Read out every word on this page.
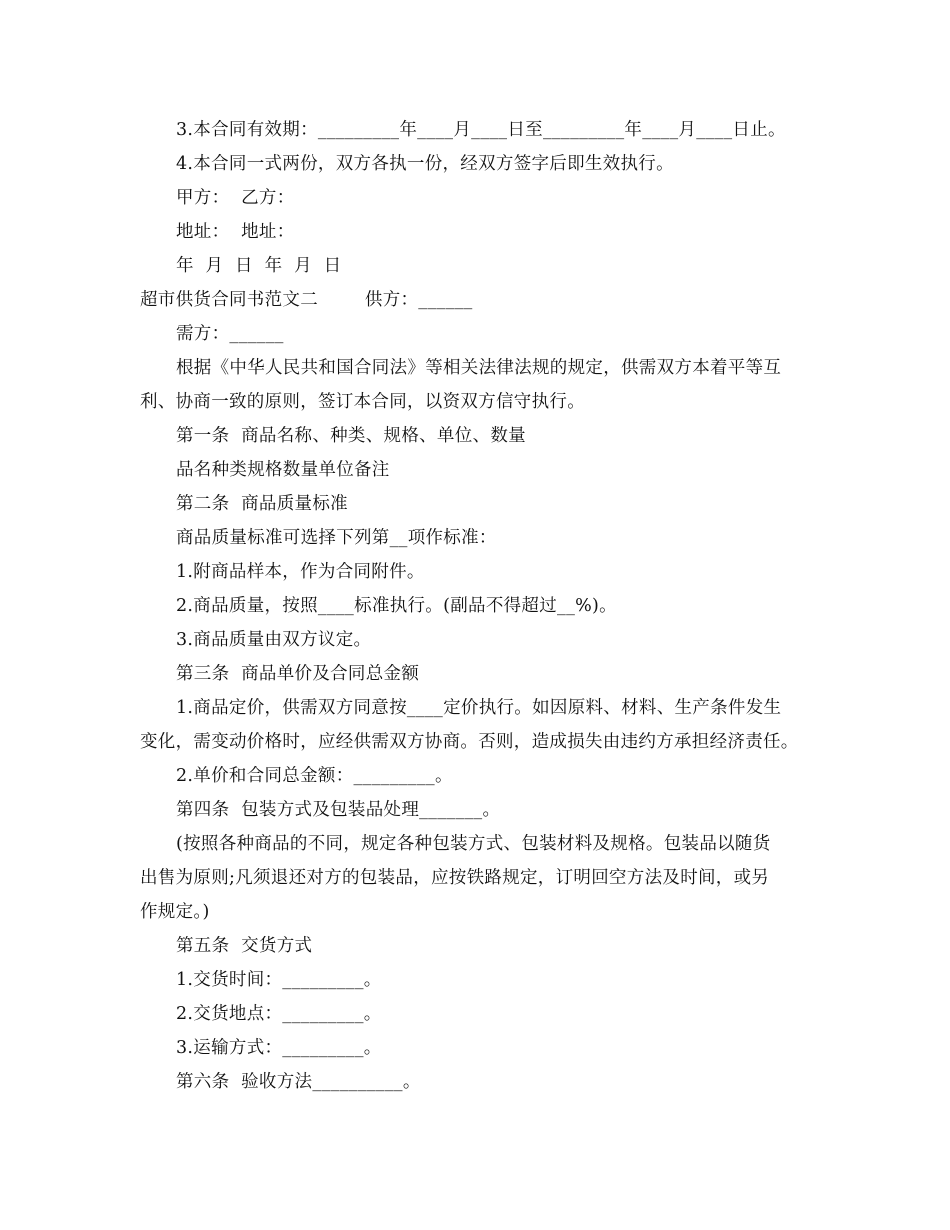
3.本合同有效期：_________年____月____日至_________年____月____日止。
4.本合同一式两份，双方各执一份，经双方签字后即生效执行。
甲方：  乙方：
地址：  地址：
年  月  日  年  月  日
超市供货合同书范文二        供方：______
需方：______
根据《中华人民共和国合同法》等相关法律法规的规定，供需双方本着平等互
利、协商一致的原则，签订本合同，以资双方信守执行。
第一条  商品名称、种类、规格、单位、数量
品名种类规格数量单位备注
第二条  商品质量标准
商品质量标准可选择下列第__项作标准：
1.附商品样本，作为合同附件。
2.商品质量，按照____标准执行。(副品不得超过__%)。
3.商品质量由双方议定。
第三条  商品单价及合同总金额
1.商品定价，供需双方同意按____定价执行。如因原料、材料、生产条件发生
变化，需变动价格时，应经供需双方协商。否则，造成损失由违约方承担经济责任。
2.单价和合同总金额：_________。
第四条  包装方式及包装品处理_______。
(按照各种商品的不同，规定各种包装方式、包装材料及规格。包装品以随货
出售为原则;凡须退还对方的包装品，应按铁路规定，订明回空方法及时间，或另
作规定。)
第五条  交货方式
1.交货时间：_________。
2.交货地点：_________。
3.运输方式：_________。
第六条  验收方法__________。
